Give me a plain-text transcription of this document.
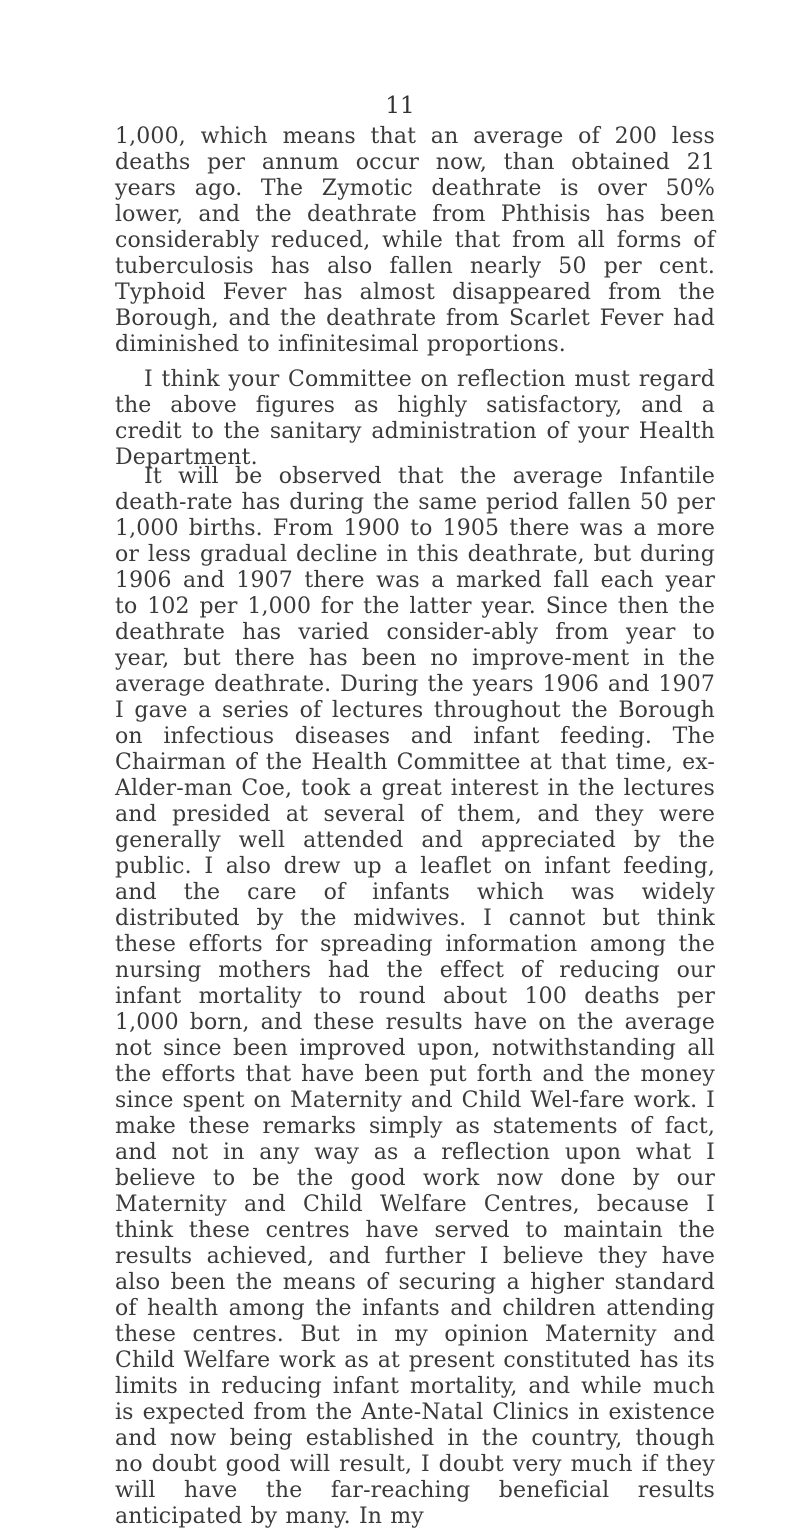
11

1,000, which means that an average of 200 less deaths per annum occur now, than obtained 21 years ago. The Zymotic deathrate is over 50% lower, and the deathrate from Phthisis has been considerably reduced, while that from all forms of tuberculosis has also fallen nearly 50 per cent. Typhoid Fever has almost disappeared from the Borough, and the deathrate from Scarlet Fever had diminished to infinitesimal proportions.

I think your Committee on reflection must regard the above figures as highly satisfactory, and a credit to the sanitary administration of your Health Department.

It will be observed that the average Infantile death-rate has during the same period fallen 50 per 1,000 births. From 1900 to 1905 there was a more or less gradual decline in this deathrate, but during 1906 and 1907 there was a marked fall each year to 102 per 1,000 for the latter year. Since then the deathrate has varied consider-ably from year to year, but there has been no improve-ment in the average deathrate. During the years 1906 and 1907 I gave a series of lectures throughout the Borough on infectious diseases and infant feeding. The Chairman of the Health Committee at that time, ex-Alder-man Coe, took a great interest in the lectures and presided at several of them, and they were generally well attended and appreciated by the public. I also drew up a leaflet on infant feeding, and the care of infants which was widely distributed by the midwives. I cannot but think these efforts for spreading information among the nursing mothers had the effect of reducing our infant mortality to round about 100 deaths per 1,000 born, and these results have on the average not since been improved upon, notwithstanding all the efforts that have been put forth and the money since spent on Maternity and Child Wel-fare work. I make these remarks simply as statements of fact, and not in any way as a reflection upon what I believe to be the good work now done by our Maternity and Child Welfare Centres, because I think these centres have served to maintain the results achieved, and further I believe they have also been the means of securing a higher standard of health among the infants and children attending these centres. But in my opinion Maternity and Child Welfare work as at present constituted has its limits in reducing infant mortality, and while much is expected from the Ante-Natal Clinics in existence and now being established in the country, though no doubt good will result, I doubt very much if they will have the far-reaching beneficial results anticipated by many. In my
